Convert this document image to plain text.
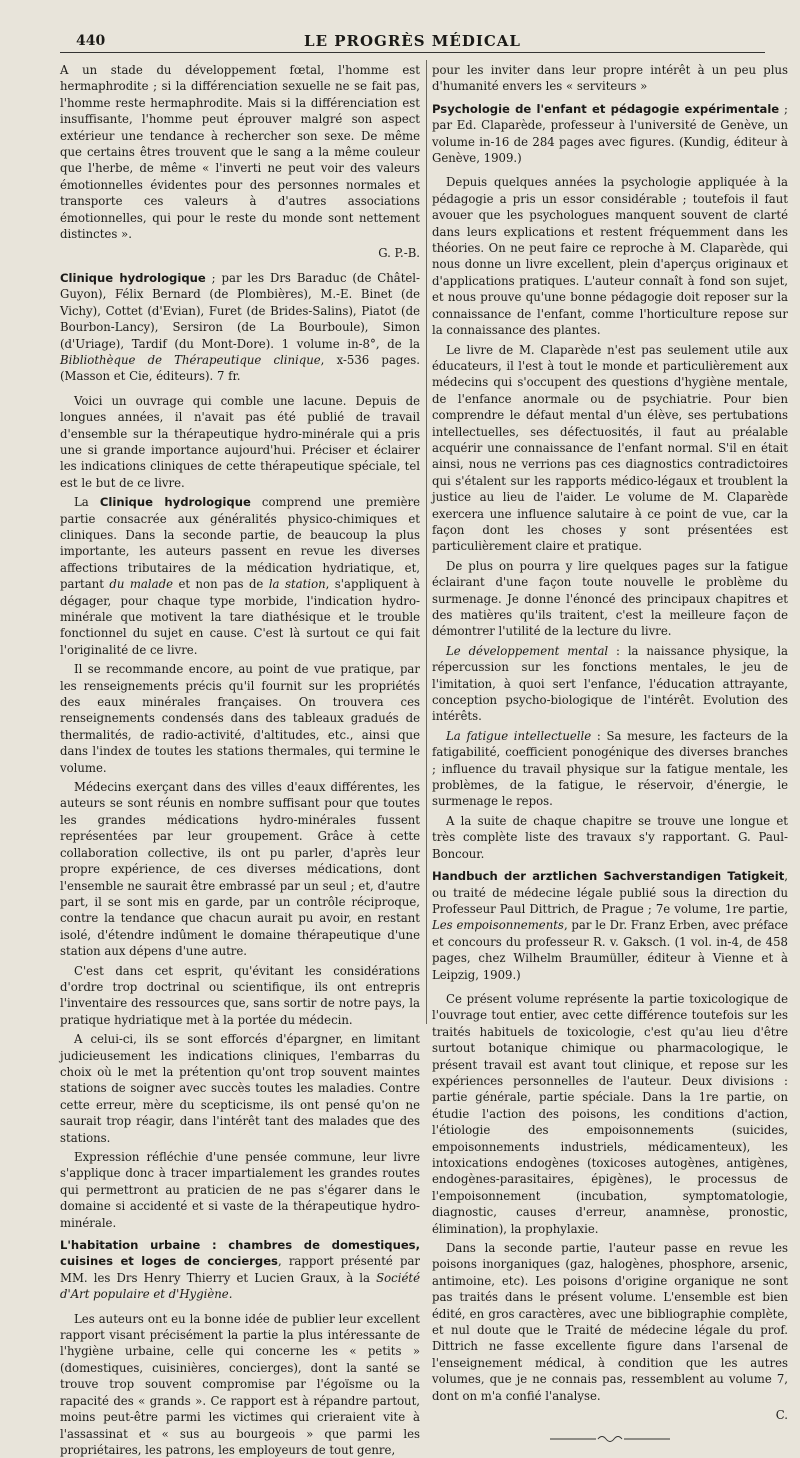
440	LE PROGRÈS MÉDICAL

A un stade du développement fœtal, l'homme est hermaphrodite ; si la différenciation sexuelle ne se fait pas, l'homme reste hermaphrodite. Mais si la différenciation est insuffisante, l'homme peut éprouver malgré son aspect extérieur une tendance à rechercher son sexe. De même que certains êtres trouvent que le sang a la même couleur que l'herbe, de même « l'inverti ne peut voir des valeurs émotionnelles évidentes pour des personnes normales et transporte ces valeurs à d'autres associations émotionnelles, qui pour le reste du monde sont nettement distinctes ».

G. P.-B.

Clinique hydrologique ; par les Drs Baraduc (de Châtel-Guyon), Félix Bernard (de Plombières), M.-E. Binet (de Vichy), Cottet (d'Evian), Furet (de Brides-Salins), Piatot (de Bourbon-Lancy), Sersiron (de La Bourboule), Simon (d'Uriage), Tardif (du Mont-Dore). 1 volume in-8°, de la Bibliothèque de Thérapeutique clinique, x-536 pages. (Masson et Cie, éditeurs). 7 fr.

Voici un ouvrage qui comble une lacune. Depuis de longues années, il n'avait pas été publié de travail d'ensemble sur la thérapeutique hydro-minérale qui a pris une si grande importance aujourd'hui. Préciser et éclairer les indications cliniques de cette thérapeutique spéciale, tel est le but de ce livre.

La Clinique hydrologique comprend une première partie consacrée aux généralités physico-chimiques et cliniques. Dans la seconde partie, de beaucoup la plus importante, les auteurs passent en revue les diverses affections tributaires de la médication hydriatique, et, partant du malade et non pas de la station, s'appliquent à dégager, pour chaque type morbide, l'indication hydro-minérale que motivent la tare diathésique et le trouble fonctionnel du sujet en cause. C'est là surtout ce qui fait l'originalité de ce livre.

Il se recommande encore, au point de vue pratique, par les renseignements précis qu'il fournit sur les propriétés des eaux minérales françaises. On trouvera ces renseignements condensés dans des tableaux gradués de thermalités, de radio-activité, d'altitudes, etc., ainsi que dans l'index de toutes les stations thermales, qui termine le volume.

Médecins exerçant dans des villes d'eaux différentes, les auteurs se sont réunis en nombre suffisant pour que toutes les grandes médications hydro-minérales fussent représentées par leur groupement. Grâce à cette collaboration collective, ils ont pu parler, d'après leur propre expérience, de ces diverses médications, dont l'ensemble ne saurait être embrassé par un seul ; et, d'autre part, il se sont mis en garde, par un contrôle réciproque, contre la tendance que chacun aurait pu avoir, en restant isolé, d'étendre indûment le domaine thérapeutique d'une station aux dépens d'une autre.

C'est dans cet esprit, qu'évitant les considérations d'ordre trop doctrinal ou scientifique, ils ont entrepris l'inventaire des ressources que, sans sortir de notre pays, la pratique hydriatique met à la portée du médecin.

A celui-ci, ils se sont efforcés d'épargner, en limitant judicieusement les indications cliniques, l'embarras du choix où le met la prétention qu'ont trop souvent maintes stations de soigner avec succès toutes les maladies. Contre cette erreur, mère du scepticisme, ils ont pensé qu'on ne saurait trop réagir, dans l'intérêt tant des malades que des stations.

Expression réfléchie d'une pensée commune, leur livre s'applique donc à tracer impartialement les grandes routes qui permettront au praticien de ne pas s'égarer dans le domaine si accidenté et si vaste de la thérapeutique hydro-minérale.

L'habitation urbaine : chambres de domestiques, cuisines et loges de concierges, rapport présenté par MM. les Drs Henry Thierry et Lucien Graux, à la Société d'Art populaire et d'Hygiène.

Les auteurs ont eu la bonne idée de publier leur excellent rapport visant précisément la partie la plus intéressante de l'hygiène urbaine, celle qui concerne les « petits » (domestiques, cuisinières, concierges), dont la santé se trouve trop souvent compromise par l'égoïsme ou la rapacité des « grands ». Ce rapport est à répandre partout, moins peut-être parmi les victimes qui crieraient vite à l'assassinat et « sus au bourgeois » que parmi les propriétaires, les patrons, les employeurs de tout genre,

pour les inviter dans leur propre intérêt à un peu plus d'humanité envers les « serviteurs »

Psychologie de l'enfant et pédagogie expérimentale ; par Ed. Claparède, professeur à l'université de Genève, un volume in-16 de 284 pages avec figures. (Kundig, éditeur à Genève, 1909.)

Depuis quelques années la psychologie appliquée à la pédagogie a pris un essor considérable ; toutefois il faut avouer que les psychologues manquent souvent de clarté dans leurs explications et restent fréquemment dans les théories. On ne peut faire ce reproche à M. Claparède, qui nous donne un livre excellent, plein d'aperçus originaux et d'applications pratiques. L'auteur connaît à fond son sujet, et nous prouve qu'une bonne pédagogie doit reposer sur la connaissance de l'enfant, comme l'horticulture repose sur la connaissance des plantes.

Le livre de M. Claparède n'est pas seulement utile aux éducateurs, il l'est à tout le monde et particulièrement aux médecins qui s'occupent des questions d'hygiène mentale, de l'enfance anormale ou de psychiatrie. Pour bien comprendre le défaut mental d'un élève, ses pertubations intellectuelles, ses défectuosités, il faut au préalable acquérir une connaissance de l'enfant normal. S'il en était ainsi, nous ne verrions pas ces diagnostics contradictoires qui s'étalent sur les rapports médico-légaux et troublent la justice au lieu de l'aider. Le volume de M. Claparède exercera une influence salutaire à ce point de vue, car la façon dont les choses y sont présentées est particulièrement claire et pratique.

De plus on pourra y lire quelques pages sur la fatigue éclairant d'une façon toute nouvelle le problème du surmenage. Je donne l'énoncé des principaux chapitres et des matières qu'ils traitent, c'est la meilleure façon de démontrer l'utilité de la lecture du livre.

Le développement mental : la naissance physique, la répercussion sur les fonctions mentales, le jeu de l'imitation, à quoi sert l'enfance, l'éducation attrayante, conception psycho-biologique de l'intérêt. Evolution des intérêts.

La fatigue intellectuelle : Sa mesure, les facteurs de la fatigabilité, coefficient ponogénique des diverses branches ; influence du travail physique sur la fatigue mentale, les problèmes, de la fatigue, le réservoir, d'énergie, le surmenage le repos.

A la suite de chaque chapitre se trouve une longue et très complète liste des travaux s'y rapportant. G. Paul-Boncour.

Handbuch der arztlichen Sachverstandigen Tatigkeit, ou traité de médecine légale publié sous la direction du Professeur Paul Dittrich, de Prague ; 7e volume, 1re partie, Les empoisonnements, par le Dr. Franz Erben, avec préface et concours du professeur R. v. Gaksch. (1 vol. in-4, de 458 pages, chez Wilhelm Braumüller, éditeur à Vienne et à Leipzig, 1909.)

Ce présent volume représente la partie toxicologique de l'ouvrage tout entier, avec cette différence toutefois sur les traités habituels de toxicologie, c'est qu'au lieu d'être surtout botanique chimique ou pharmacologique, le présent travail est avant tout clinique, et repose sur les expériences personnelles de l'auteur. Deux divisions : partie générale, partie spéciale. Dans la 1re partie, on étudie l'action des poisons, les conditions d'action, l'étiologie des empoisonnements (suicides, empoisonnements industriels, médicamenteux), les intoxications endogènes (toxicoses autogènes, antigènes, endogènes-parasitaires, épigènes), le processus de l'empoisonnement (incubation, symptomatologie, diagnostic, causes d'erreur, anamnèse, pronostic, élimination), la prophylaxie.

Dans la seconde partie, l'auteur passe en revue les poisons inorganiques (gaz, halogènes, phosphore, arsenic, antimoine, etc). Les poisons d'origine organique ne sont pas traités dans le présent volume. L'ensemble est bien édité, en gros caractères, avec une bibliographie complète, et nul doute que le Traité de médecine légale du prof. Dittrich ne fasse excellente figure dans l'arsenal de l'enseignement médical, à condition que les autres volumes, que je ne connais pas, ressemblent au volume 7, dont on m'a confié l'analyse.

C.
